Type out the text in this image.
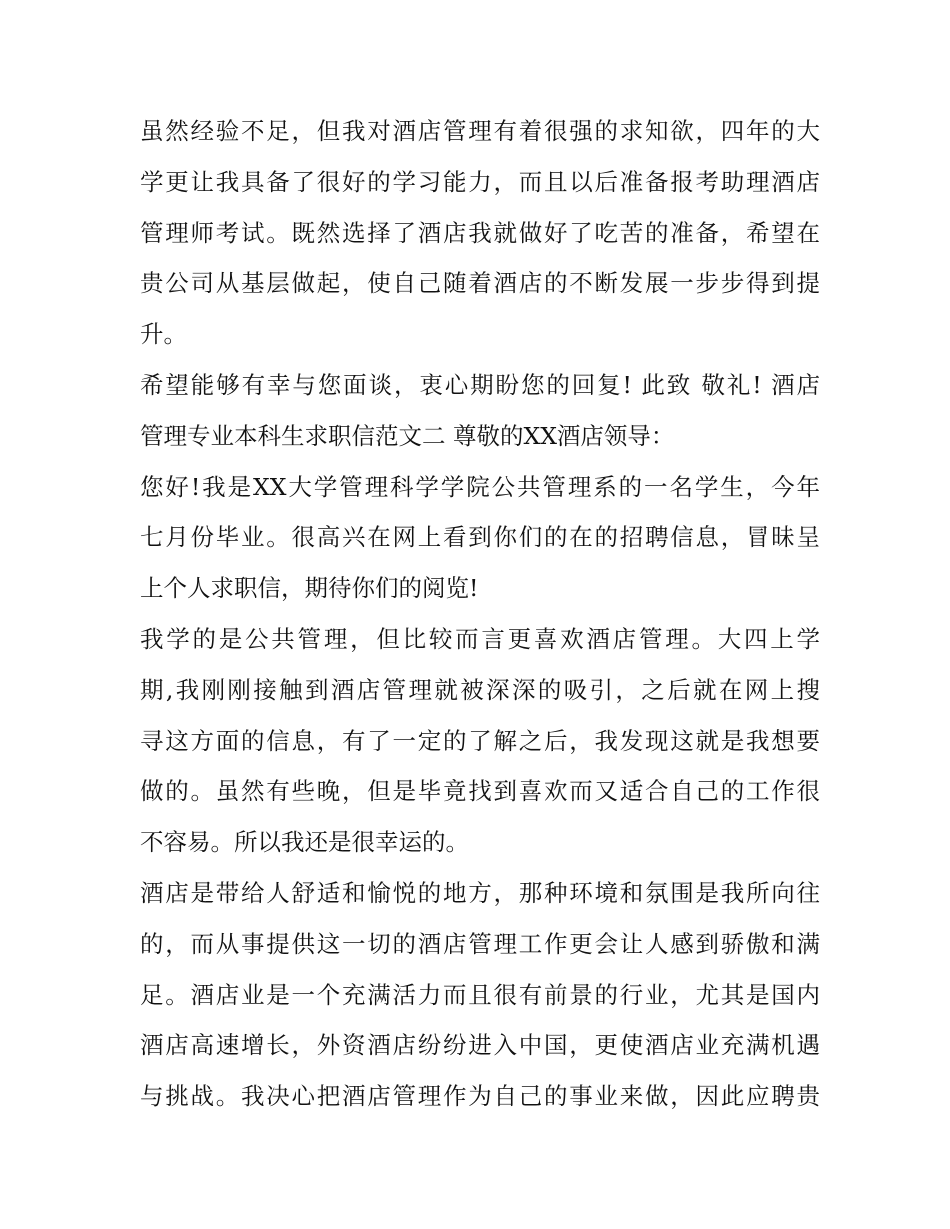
虽然经验不足，但我对酒店管理有着很强的求知欲，四年的大
学更让我具备了很好的学习能力，而且以后准备报考助理酒店
管理师考试。既然选择了酒店我就做好了吃苦的准备，希望在
贵公司从基层做起，使自己随着酒店的不断发展一步步得到提
升。
希望能够有幸与您面谈，衷心期盼您的回复! 此致 敬礼! 酒店
管理专业本科生求职信范文二 尊敬的XX酒店领导：
您好!我是XX大学管理科学学院公共管理系的一名学生，今年
七月份毕业。很高兴在网上看到你们的在的招聘信息，冒昧呈
上个人求职信，期待你们的阅览!
我学的是公共管理，但比较而言更喜欢酒店管理。大四上学
期,我刚刚接触到酒店管理就被深深的吸引，之后就在网上搜
寻这方面的信息，有了一定的了解之后，我发现这就是我想要
做的。虽然有些晚，但是毕竟找到喜欢而又适合自己的工作很
不容易。所以我还是很幸运的。
酒店是带给人舒适和愉悦的地方，那种环境和氛围是我所向往
的，而从事提供这一切的酒店管理工作更会让人感到骄傲和满
足。酒店业是一个充满活力而且很有前景的行业，尤其是国内
酒店高速增长，外资酒店纷纷进入中国，更使酒店业充满机遇
与挑战。我决心把酒店管理作为自己的事业来做，因此应聘贵
